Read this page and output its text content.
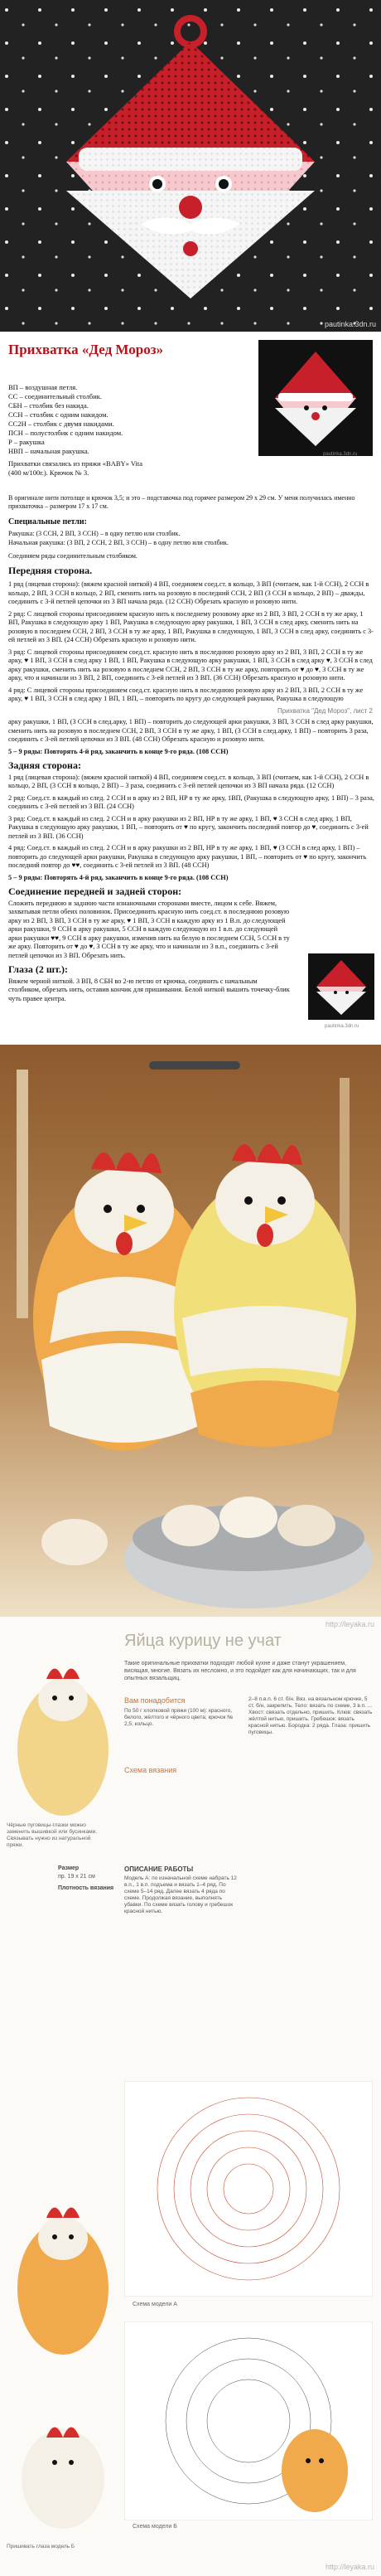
pautinka.3dn.ru
Прихватка «Дед Мороз»
pautinka.3dn.ru
ВП – воздушная петля.
СС – соединительный столбик.
СБН – столбик без накида.
ССН – столбик с одним накидом.
СС2Н – столбик с двумя накидами.
ПСН – полустолбик с одним накидом.
Р – ракушка
НВП – начальная ракушка.
Прихватки связались из пряжи «BABY» Vita (400 м/100г.). Крючок № 3.
В оригинале нити потолще и крючок 3,5; и это – подставочка под горячее размером 29 х 29 см. У меня получилась именно прихваточка – размером 17 х 17 см.
Специальные петли:
Ракушка: (3 ССН, 2 ВП, 3 ССН) – в одну петлю или столбик.
Начальная ракушка: (3 ВП, 2 ССН, 2 ВП, 3 ССН) – в одну петлю или столбик.
Соединяем ряды соединительным столбиком.
Передняя сторона.

1 ряд (лицевая сторона): (вяжем красной ниткой) 4 ВП, соединяем соед.ст. в кольцо, 3 ВП (считаем, как 1-й ССН), 2 ССН в кольцо, 2 ВП, 3 ССН в кольцо, 2 ВП, сменить нить на розовую в последний ССН, 2 ВП (3 ССН в кольцо, 2 ВП) – дважды, соединить с 3-й петлей цепочки из 3 ВП начала ряда. (12 ССН) Обрезать красную и розовую нити.

2 ряд: С лицевой стороны присоединяем красную нить к последнему розовому арке из 2 ВП, 3 ВП, 2 ССН в ту же арку, 1 ВП, Ракушка в следующую арку 1 ВП, Ракушка в следующую арку ракушки, 1 ВП, 3 ССН в след арку, сменить нить на розовую в последнем ССН, 2 ВП, 3 ССН в ту же арку, 1 ВП, Ракушка в следующую, 1 ВП, 3 ССН в след арку, соединить с 3-ей петлей из 3 ВП. (24 ССН) Обрезать красную и розовую нити.

3 ряд: С лицевой стороны присоединяем соед.ст. красную нить в последнюю розовую арку из 2 ВП, 3 ВП, 2 ССН в ту же арку, ♥ 1 ВП, 3 ССН в след арку 1 ВП, 1 ВП, Ракушка в следующую арку ракушки, 1 ВП, 3 ССН в след арку ♥, 3 ССН в след арку ракушки, сменить нить на розовую в последнем ССН, 2 ВП, 3 ССН в ту же арку, повторить от ♥ до ♥, 3 ССН в ту же арку, что и начинали из 3 ВП, 2 ВП, соединить с 3-ей петлей из 3 ВП. (36 ССН) Обрезать красную и розовую нити.

4 ряд: С лицевой стороны присоединяем соед.ст. красную нить в последнюю розовую арку из 2 ВП, 3 ВП, 2 ССН в ту же арку, ♥ 1 ВП, 3 ССН в след арку 1 ВП, 1 ВП, – повторить по кругу до следующей ракушки, Ракушка в следующую

Прихватка "Дед Мороз", лист 2

арку ракушки, 1 ВП, (3 ССН в след.арку, 1 ВП) – повторить до следующей арки ракушки, 3 ВП, 3 ССН в след арку ракушки, сменить нить на розовую в последнем ССН, 2 ВП, 3 ССН в ту же арку, 1 ВП, (3 ССН в след.арку, 1 ВП) – повторить 3 раза, соединить с 3-ей петлей цепочки из 3 ВП. (48 ССН) Обрезать красную и розовую нити.

5 – 9 ряды: Повторять 4-й ряд, заканчить в конце 9-го ряда. (108 ССН)

Задняя сторона:

1 ряд (лицевая сторона): (вяжем красной ниткой) 4 ВП, соединяем соед.ст. в кольцо, 3 ВП (считаем, как 1-й ССН), 2 ССН в кольцо, 2 ВП, (3 ССН в кольцо, 2 ВП) – 3 раза, соединить с 3-ей петлей цепочки из 3 ВП начала ряда. (12 ССН)

2 ряд: Соед.ст. в каждый из след. 2 ССН и в арку из 2 ВП, НР в ту же арку, 1ВП, (Ракушка в следующую арку, 1 ВП) – 3 раза, соединить с 3-ей петлей из 3 ВП. (24 ССН)

3 ряд: Соед.ст. в каждый из след. 2 ССН и в арку ракушки из 2 ВП, НР в ту же арку, 1 ВП, ♥ 3 ССН в след арку, 1 ВП, Ракушка в следующую арку ракушки, 1 ВП, – повторить от ♥ по кругу, закончить последний повтор до ♥, соединить с 3-ей петлей из 3 ВП. (36 ССН)

4 ряд: Соед.ст. в каждый из след. 2 ССН и в арку ракушки из 2 ВП, НР в ту же арку, 1 ВП, ♥ (3 ССН в след арку, 1 ВП) – повторить до следующей арки ракушки, Ракушка в следующую арку ракушки, 1 ВП, – повторить от ♥ по кругу, закончить последний повтор до ♥♥, соединить с 3-ей петлей из 3 ВП. (48 ССН)

5 – 9 ряды: Повторять 4-й ряд, заканчить в конце 9-го ряда. (108 ССН)

Соединение передней и задней сторон:

Сложить переднюю и заднюю части изнаночными сторонами вместе, лицом к себе. Вяжем, захватывая петли обеих половинок. Присоединить красную нить соед.ст. в последнюю розовую арку из 2 ВП, 3 ВП, 3 ССН в ту же арку, ♥ 1 ВП, 3 ССН в каждую арку из 1 В.п. до следующей арки ракушки, 9 ССН в арку ракушки, 5 ССН в каждую следующую из 1 в.п. до следующей арки ракушки ♥♥, 9 ССН в арку ракушки, изменив нить на белую в последнем ССН, 5 ССН в ту же арку. Повторить от ♥ до ♥, 3 ССН в ту же арку, что и начинали из 3 в.п., соединить с 3-ей петлей цепочки из 3 ВП. Обрезать нить.

Глаза (2 шт.):

Вяжем черной ниткой. 3 ВП, 8 СБН во 2-ю петлю от крючка, соединить с начальным столбиком, обрезать нить, оставив кончик для пришивания. Белой ниткой вышить точечку-блик чуть правее центра.

pautinka.3dn.ru
http://leyaka.ru
Яйца курицу не учат
Такие оригинальные прихватки подходят любой кухне и даже станут украшением, висящая, многие. Вязать их несложно, и это подойдет как для начинающих, так и для опытных вязальщиц.
Чёрные пуговицы-глазки можно заменить вышивкой или бусинками. Связывать нужно из натуральной пряжи.
Размер
пр. 19 х 21 см
Плотность вязания
Вам понадобится
По 50 г хлопковой пряжи (100 м): красного, белого, жёлтого и чёрного цвета; крючок № 2,5; кольцо.
Схема вязания
ОПИСАНИЕ РАБОТЫ
Модель А: по изначальной схеме набрать 12 в.п., 1 в.п. подъема и вязать 1–4 ряд. По схеме 5–14 ряд. Далее вязать 4 ряда по схеме. Продолжая вязание, выполнять убавки. По схеме вязать голову и гребешок красной нитью.
2–8 п.в.п. 6 ст. б/н. Вяз. на вязальном крючке, 5 ст. б/н, закрепить. Тело: вязать по схеме, 3 в.п. ... Хвост: связать отдельно, пришить. Клюв: связать жёлтой нитью, пришить. Гребешок: вязать красной нитью. Бородка: 2 ряда. Глаза: пришить пуговицы.
Схема модели А
Схема модели Б
Пришивать глаза модель Б
http://leyaka.ru
